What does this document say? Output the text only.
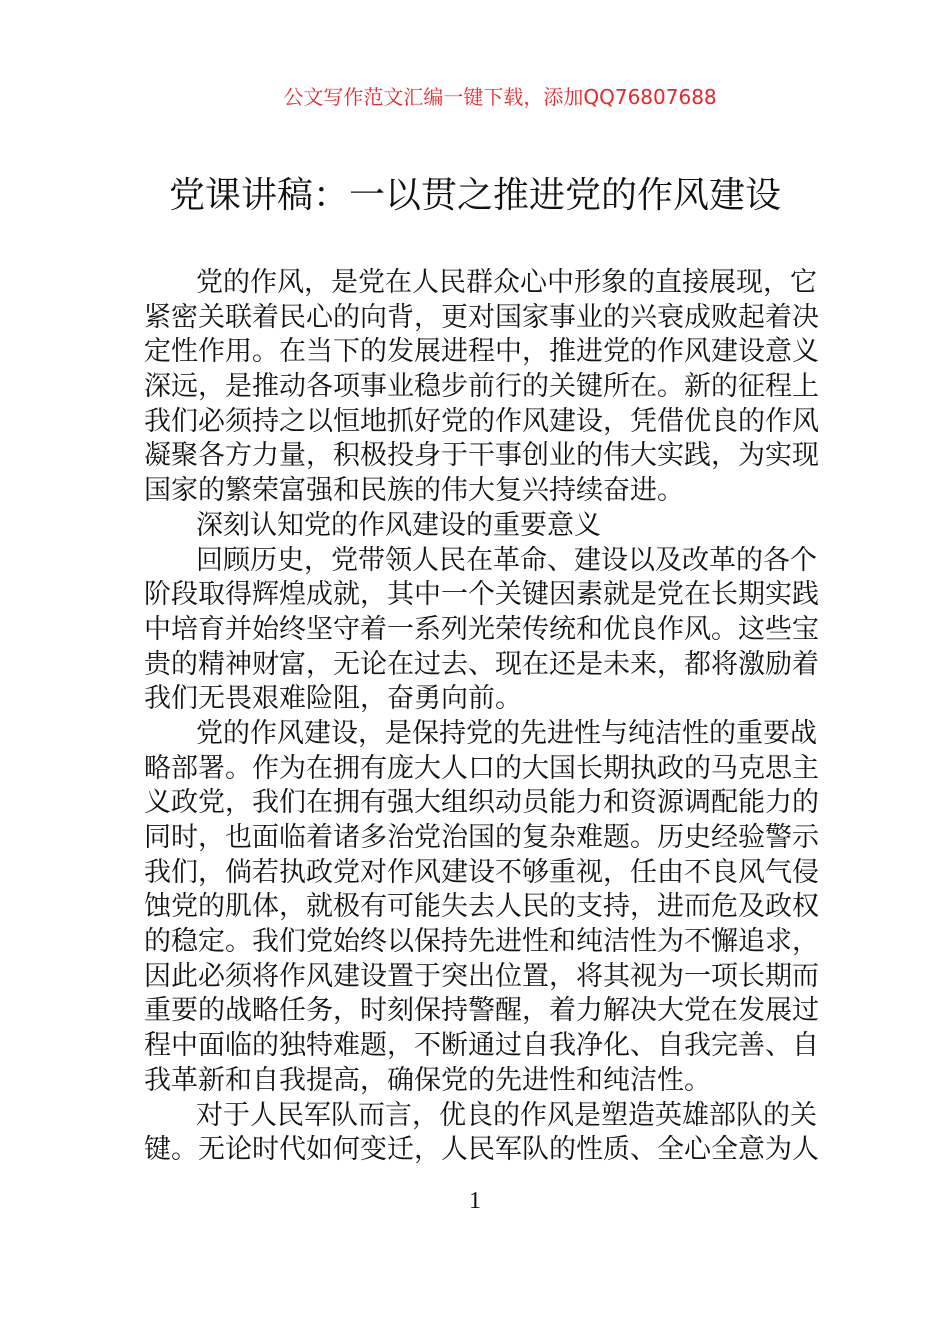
公文写作范文汇编一键下载，添加QQ76807688
党课讲稿：一以贯之推进党的作风建设
党的作风，是党在人民群众心中形象的直接展现，它
紧密关联着民心的向背，更对国家事业的兴衰成败起着决
定性作用。在当下的发展进程中，推进党的作风建设意义
深远，是推动各项事业稳步前行的关键所在。新的征程上
我们必须持之以恒地抓好党的作风建设，凭借优良的作风
凝聚各方力量，积极投身于干事创业的伟大实践，为实现
国家的繁荣富强和民族的伟大复兴持续奋进。
深刻认知党的作风建设的重要意义
回顾历史，党带领人民在革命、建设以及改革的各个
阶段取得辉煌成就，其中一个关键因素就是党在长期实践
中培育并始终坚守着一系列光荣传统和优良作风。这些宝
贵的精神财富，无论在过去、现在还是未来，都将激励着
我们无畏艰难险阻，奋勇向前。
党的作风建设，是保持党的先进性与纯洁性的重要战
略部署。作为在拥有庞大人口的大国长期执政的马克思主
义政党，我们在拥有强大组织动员能力和资源调配能力的
同时，也面临着诸多治党治国的复杂难题。历史经验警示
我们，倘若执政党对作风建设不够重视，任由不良风气侵
蚀党的肌体，就极有可能失去人民的支持，进而危及政权
的稳定。我们党始终以保持先进性和纯洁性为不懈追求，
因此必须将作风建设置于突出位置，将其视为一项长期而
重要的战略任务，时刻保持警醒，着力解决大党在发展过
程中面临的独特难题，不断通过自我净化、自我完善、自
我革新和自我提高，确保党的先进性和纯洁性。
对于人民军队而言，优良的作风是塑造英雄部队的关
键。无论时代如何变迁，人民军队的性质、全心全意为人
1
